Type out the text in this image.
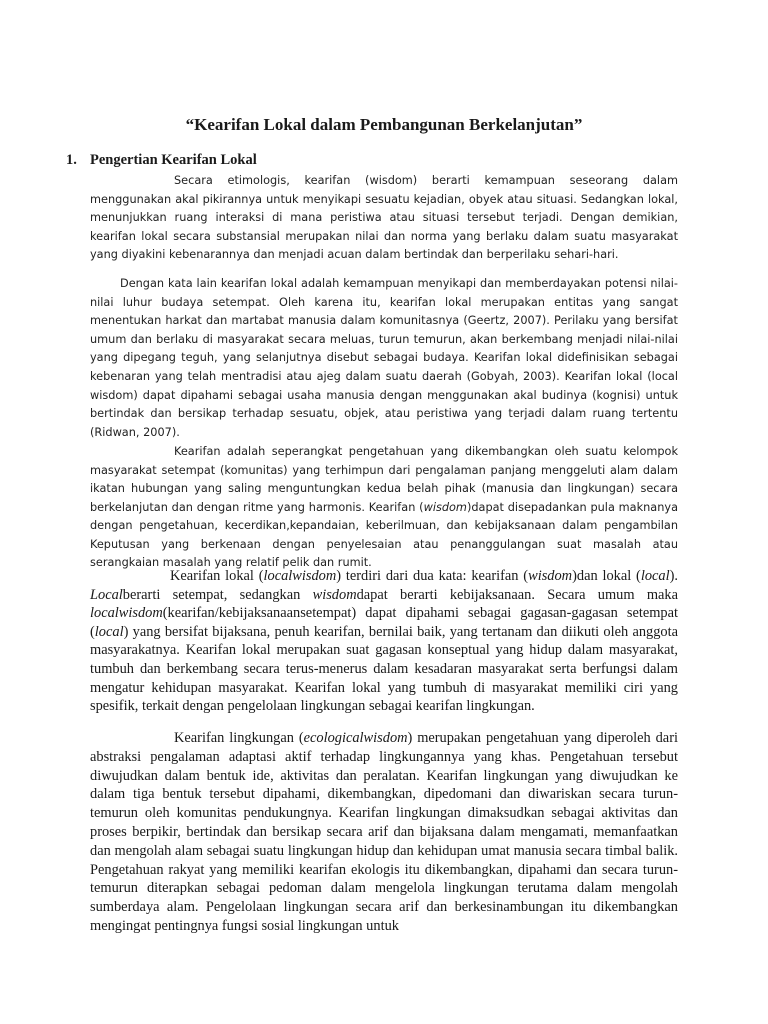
“Kearifan Lokal dalam Pembangunan Berkelanjutan”
1. Pengertian Kearifan Lokal

Secara etimologis, kearifan (wisdom) berarti kemampuan seseorang dalam menggunakan akal pikirannya untuk menyikapi sesuatu kejadian, obyek atau situasi. Sedangkan lokal, menunjukkan ruang interaksi di mana peristiwa atau situasi tersebut terjadi. Dengan demikian, kearifan lokal secara substansial merupakan nilai dan norma yang berlaku dalam suatu masyarakat yang diyakini kebenarannya dan menjadi acuan dalam bertindak dan berperilaku sehari-hari.

Dengan kata lain kearifan lokal adalah kemampuan menyikapi dan memberdayakan potensi nilai-nilai luhur budaya setempat. Oleh karena itu, kearifan lokal merupakan entitas yang sangat menentukan harkat dan martabat manusia dalam komunitasnya (Geertz, 2007). Perilaku yang bersifat umum dan berlaku di masyarakat secara meluas, turun temurun, akan berkembang menjadi nilai-nilai yang dipegang teguh, yang selanjutnya disebut sebagai budaya. Kearifan lokal didefinisikan sebagai kebenaran yang telah mentradisi atau ajeg dalam suatu daerah (Gobyah, 2003). Kearifan lokal (local wisdom) dapat dipahami sebagai usaha manusia dengan menggunakan akal budinya (kognisi) untuk bertindak dan bersikap terhadap sesuatu, objek, atau peristiwa yang terjadi dalam ruang tertentu (Ridwan, 2007).

Kearifan adalah seperangkat pengetahuan yang dikembangkan oleh suatu kelompok masyarakat setempat (komunitas) yang terhimpun dari pengalaman panjang menggeluti alam dalam ikatan hubungan yang saling menguntungkan kedua belah pihak (manusia dan lingkungan) secara berkelanjutan dan dengan ritme yang harmonis. Kearifan (wisdom)dapat disepadankan pula maknanya dengan pengetahuan, kecerdikan,kepandaian, keberilmuan, dan kebijaksanaan dalam pengambilan Keputusan yang berkenaan dengan penyelesaian atau penanggulangan suat masalah atau serangkaian masalah yang relatif pelik dan rumit.

Kearifan lokal (localwisdom) terdiri dari dua kata: kearifan (wisdom)dan lokal (local). Localberarti setempat, sedangkan wisdomdapat berarti kebijaksanaan. Secara umum maka localwisdom(kearifan/kebijaksanaansetempat) dapat dipahami sebagai gagasan-gagasan setempat (local) yang bersifat bijaksana, penuh kearifan, bernilai baik, yang tertanam dan diikuti oleh anggota masyarakatnya. Kearifan lokal merupakan suat gagasan konseptual yang hidup dalam masyarakat, tumbuh dan berkembang secara terus-menerus dalam kesadaran masyarakat serta berfungsi dalam mengatur kehidupan masyarakat. Kearifan lokal yang tumbuh di masyarakat memiliki ciri yang spesifik, terkait dengan pengelolaan lingkungan sebagai kearifan lingkungan.

Kearifan lingkungan (ecologicalwisdom) merupakan pengetahuan yang diperoleh dari abstraksi pengalaman adaptasi aktif terhadap lingkungannya yang khas. Pengetahuan tersebut diwujudkan dalam bentuk ide, aktivitas dan peralatan. Kearifan lingkungan yang diwujudkan ke dalam tiga bentuk tersebut dipahami, dikembangkan, dipedomani dan diwariskan secara turun-temurun oleh komunitas pendukungnya. Kearifan lingkungan dimaksudkan sebagai aktivitas dan proses berpikir, bertindak dan bersikap secara arif dan bijaksana dalam mengamati, memanfaatkan dan mengolah alam sebagai suatu lingkungan hidup dan kehidupan umat manusia secara timbal balik. Pengetahuan rakyat yang memiliki kearifan ekologis itu dikembangkan, dipahami dan secara turun-temurun diterapkan sebagai pedoman dalam mengelola lingkungan terutama dalam mengolah sumberdaya alam. Pengelolaan lingkungan secara arif dan berkesinambungan itu dikembangkan mengingat pentingnya fungsi sosial lingkungan untuk
